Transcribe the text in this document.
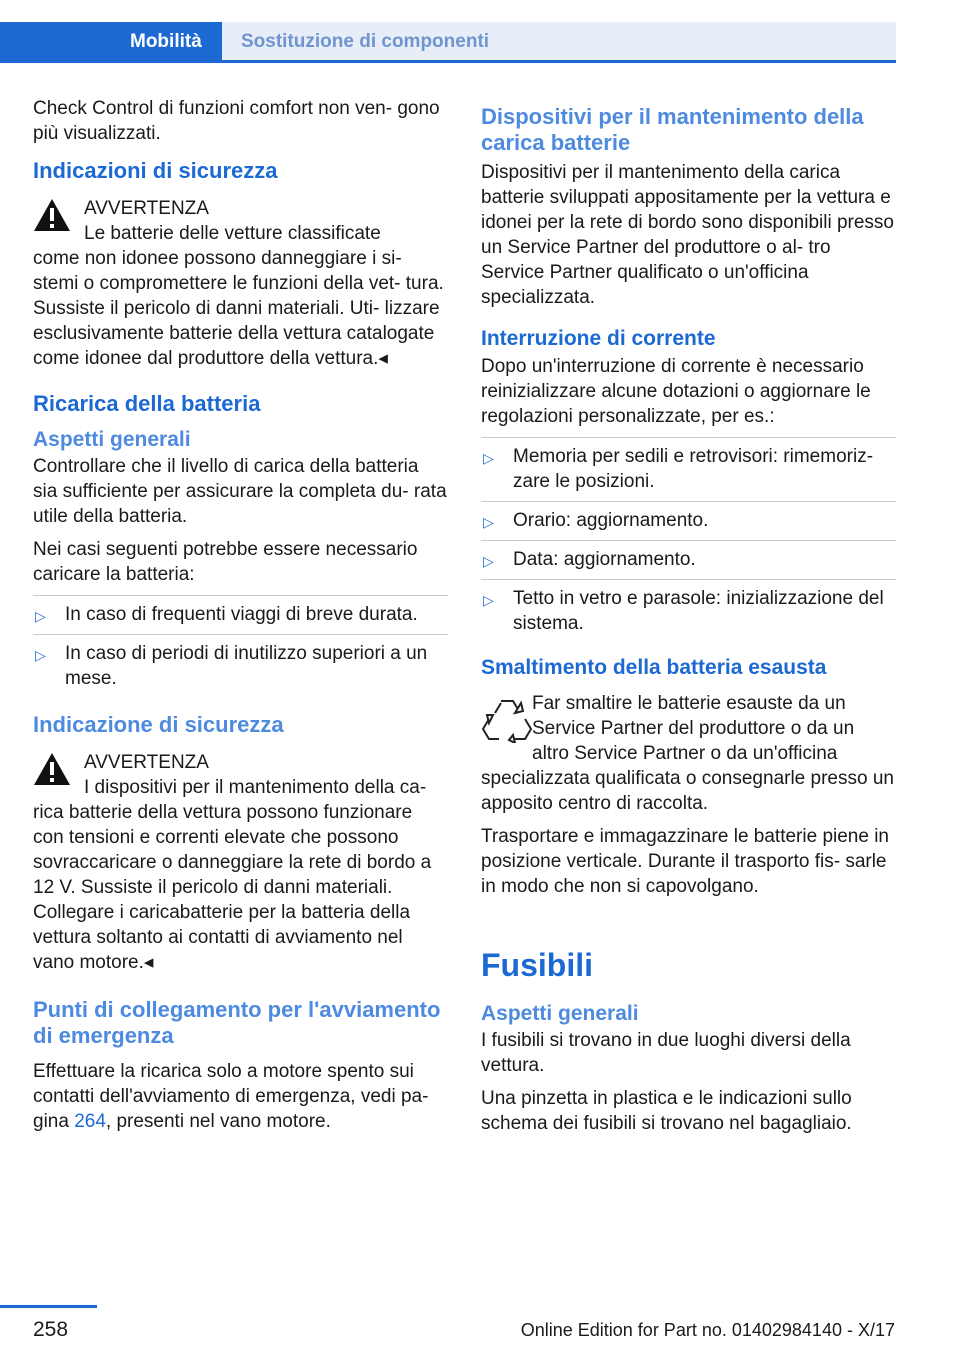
Mobilità Sostituzione di componenti

Check Control di funzioni comfort non ven- gono più visualizzati.

Indicazioni di sicurezza
AVVERTENZA
Le batterie delle vetture classificate

come non idonee possono danneggiare i si- stemi o compromettere le funzioni della vet- tura. Sussiste il pericolo di danni materiali. Uti- lizzare esclusivamente batterie della vettura catalogate come idonee dal produttore della vettura.◂

Ricarica della batteria
Aspetti generali

Controllare che il livello di carica della batteria sia sufficiente per assicurare la completa du- rata utile della batteria.

Nei casi seguenti potrebbe essere necessario caricare la batteria:

▷ In caso di frequenti viaggi di breve durata.
▷ In caso di periodi di inutilizzo superiori a un mese.
Indicazione di sicurezza
AVVERTENZA
I dispositivi per il mantenimento della ca-

rica batterie della vettura possono funzionare con tensioni e correnti elevate che possono sovraccaricare o danneggiare la rete di bordo a 12 V. Sussiste il pericolo di danni materiali. Collegare i caricabatterie per la batteria della vettura soltanto ai contatti di avviamento nel vano motore.◂

Punti di collegamento per l'avviamento di emergenza

Effettuare la ricarica solo a motore spento sui contatti dell'avviamento di emergenza, vedi pa- gina 264, presenti nel vano motore.

Dispositivi per il mantenimento della carica batterie

Dispositivi per il mantenimento della carica batterie sviluppati appositamente per la vettura e idonei per la rete di bordo sono disponibili presso un Service Partner del produttore o al- tro Service Partner qualificato o un'officina specializzata.

Interruzione di corrente

Dopo un'interruzione di corrente è necessario reinizializzare alcune dotazioni o aggiornare le regolazioni personalizzate, per es.:

▷ Memoria per sedili e retrovisori: rimemoriz- zare le posizioni.
▷ Orario: aggiornamento.
▷ Data: aggiornamento.
▷ Tetto in vetro e parasole: inizializzazione del sistema.
Smaltimento della batteria esausta

Far smaltire le batterie esauste da un Service Partner del produttore o da un altro Service Partner o da un'officina

specializzata qualificata o consegnarle presso un apposito centro di raccolta.

Trasportare e immagazzinare le batterie piene in posizione verticale. Durante il trasporto fis- sarle in modo che non si capovolgano.

Fusibili
Aspetti generali

I fusibili si trovano in due luoghi diversi della vettura.

Una pinzetta in plastica e le indicazioni sullo schema dei fusibili si trovano nel bagagliaio.

258	Online Edition for Part no. 01402984140 - X/17
